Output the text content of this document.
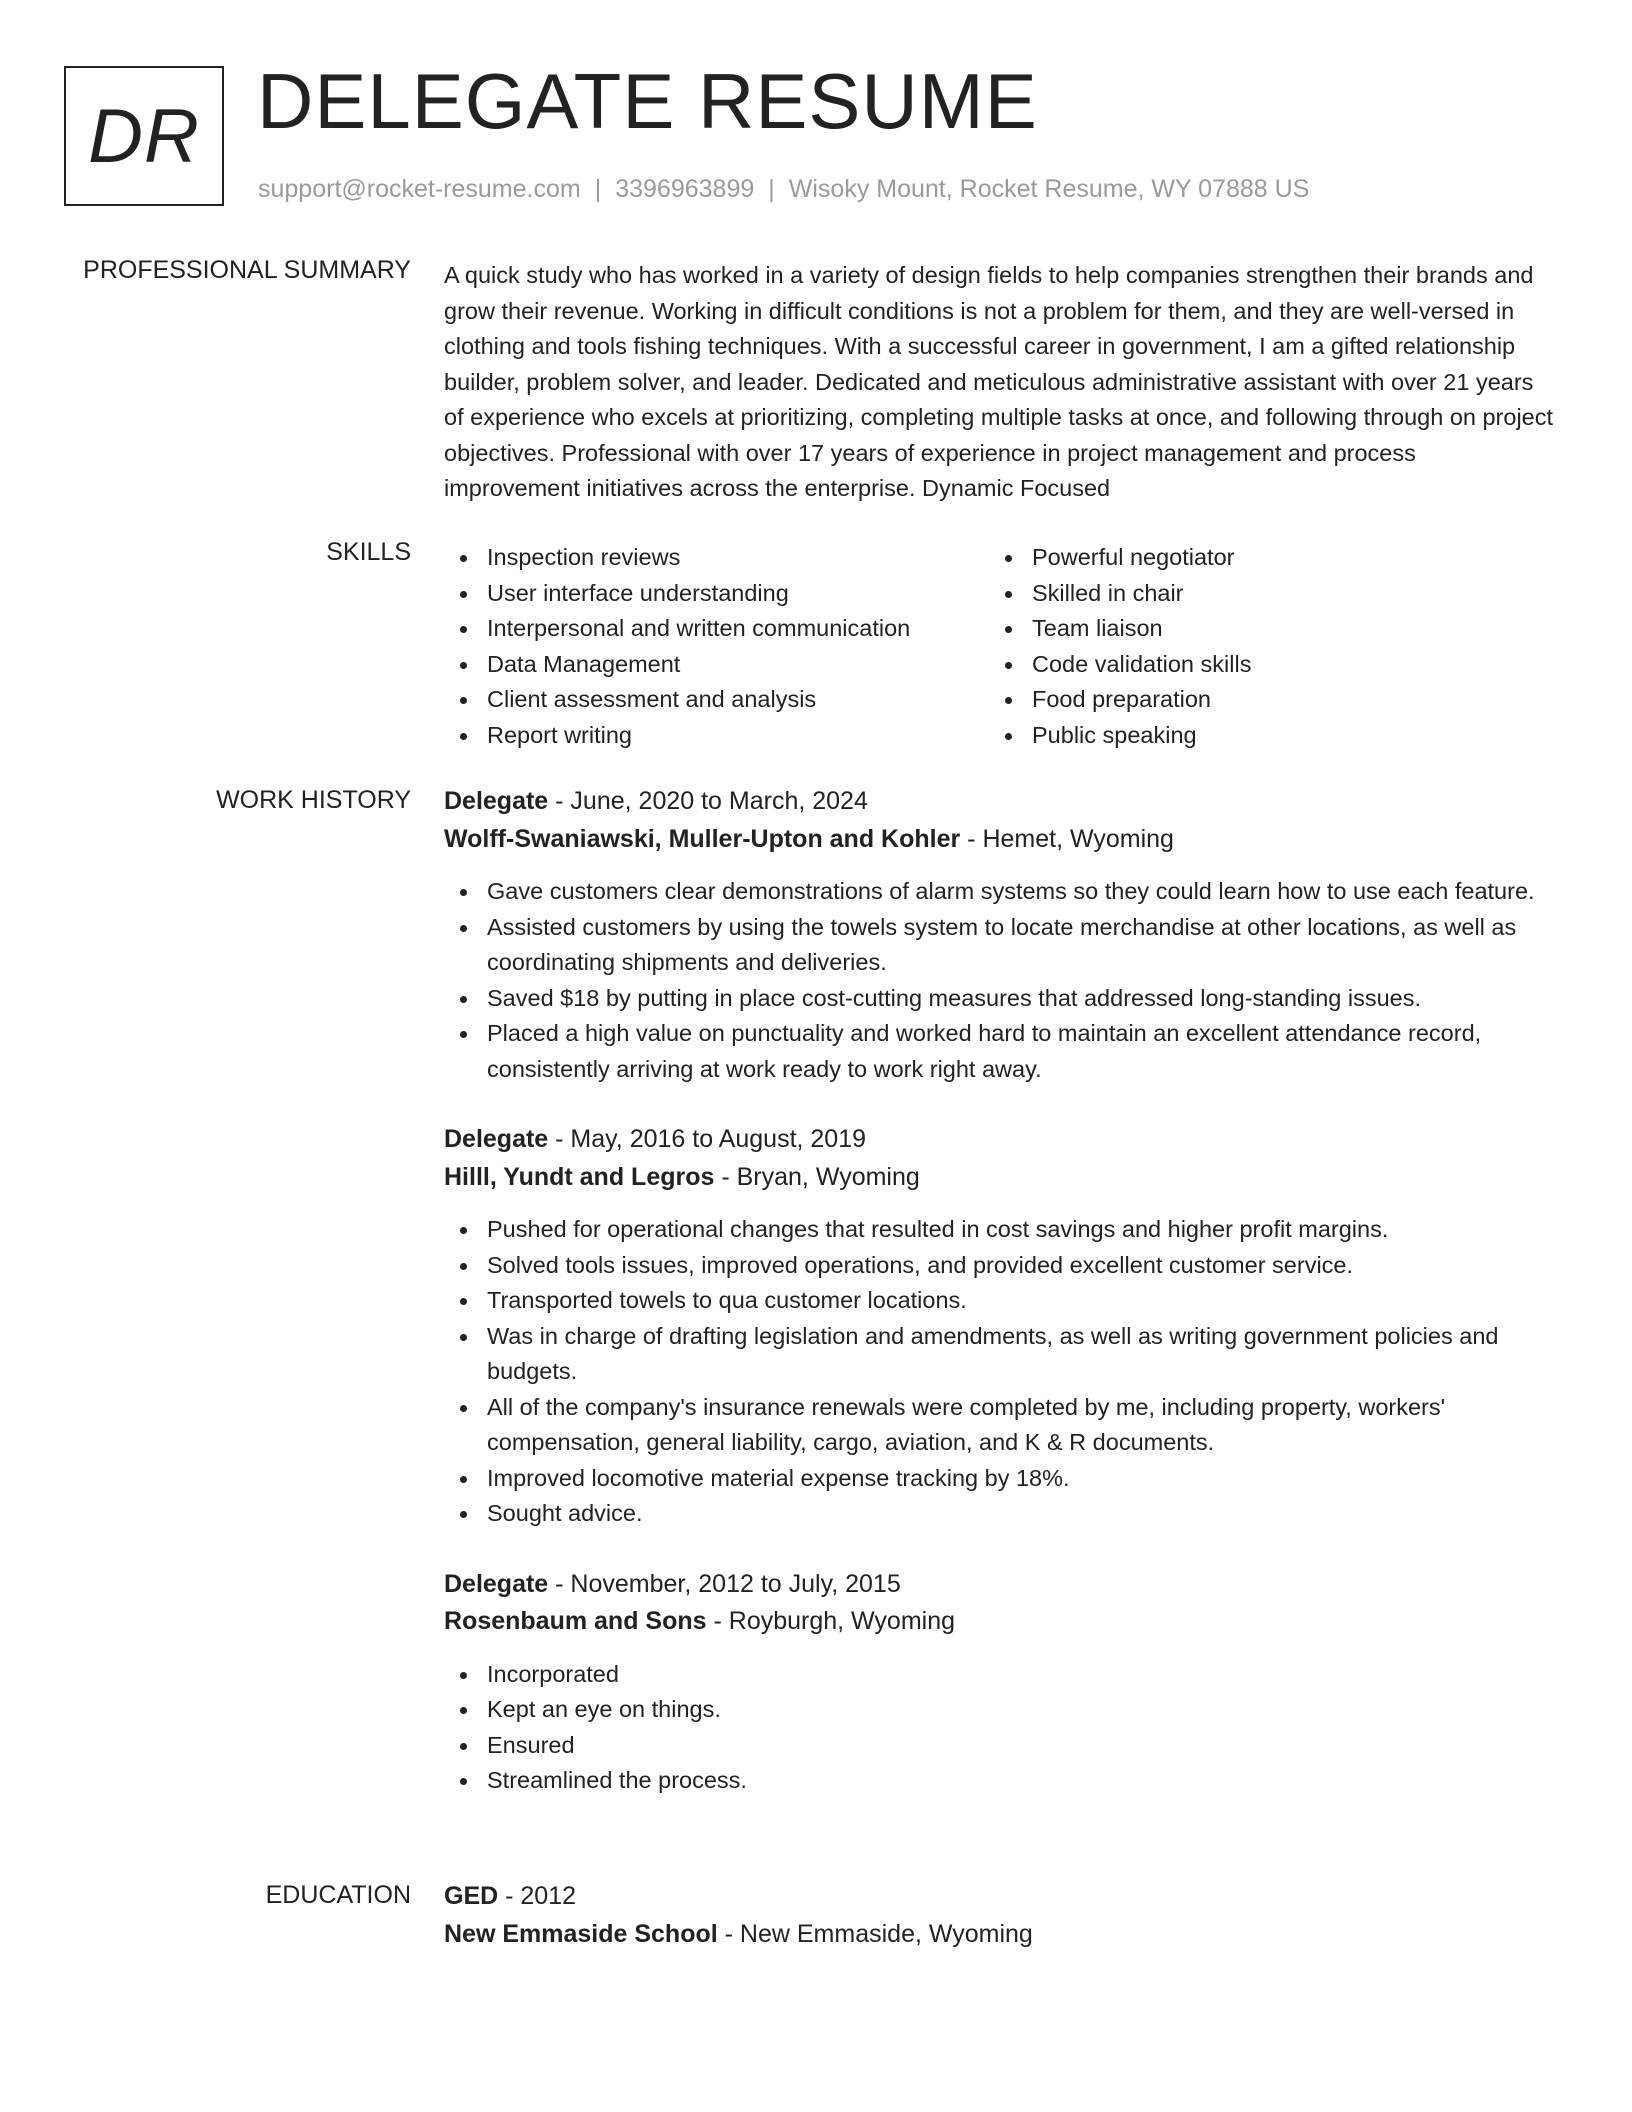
DR DELEGATE RESUME
support@rocket-resume.com | 3396963899 | Wisoky Mount, Rocket Resume, WY 07888 US
PROFESSIONAL SUMMARY A quick study who has worked in a variety of design fields to help companies strengthen their brands and grow their revenue. Working in difficult conditions is not a problem for them, and they are well-versed in clothing and tools fishing techniques. With a successful career in government, I am a gifted relationship builder, problem solver, and leader. Dedicated and meticulous administrative assistant with over 21 years of experience who excels at prioritizing, completing multiple tasks at once, and following through on project objectives. Professional with over 17 years of experience in project management and process improvement initiatives across the enterprise. Dynamic Focused

SKILLS	Inspection reviews
User interface understanding
Interpersonal and written communication
Data Management
Client assessment and analysis
Report writing
Powerful negotiator
Skilled in chair
Team liaison
Code validation skills
Food preparation
Public speaking
WORK HISTORY Delegate - June, 2020 to March, 2024
Wolff-Swaniawski, Muller-Upton and Kohler - Hemet, Wyoming
Gave customers clear demonstrations of alarm systems so they could learn how to use each feature.
Assisted customers by using the towels system to locate merchandise at other locations, as well as coordinating shipments and deliveries.
Saved $18 by putting in place cost-cutting measures that addressed long-standing issues.
Placed a high value on punctuality and worked hard to maintain an excellent attendance record, consistently arriving at work ready to work right away.
Delegate - May, 2016 to August, 2019
Hilll, Yundt and Legros - Bryan, Wyoming
Pushed for operational changes that resulted in cost savings and higher profit margins.
Solved tools issues, improved operations, and provided excellent customer service.
Transported towels to qua customer locations.
Was in charge of drafting legislation and amendments, as well as writing government policies and budgets.
All of the company's insurance renewals were completed by me, including property, workers' compensation, general liability, cargo, aviation, and K & R documents.
Improved locomotive material expense tracking by 18%.
Sought advice.
Delegate - November, 2012 to July, 2015
Rosenbaum and Sons - Royburgh, Wyoming
Incorporated
Kept an eye on things.
Ensured
Streamlined the process.
EDUCATION GED - 2012
New Emmaside School - New Emmaside, Wyoming
